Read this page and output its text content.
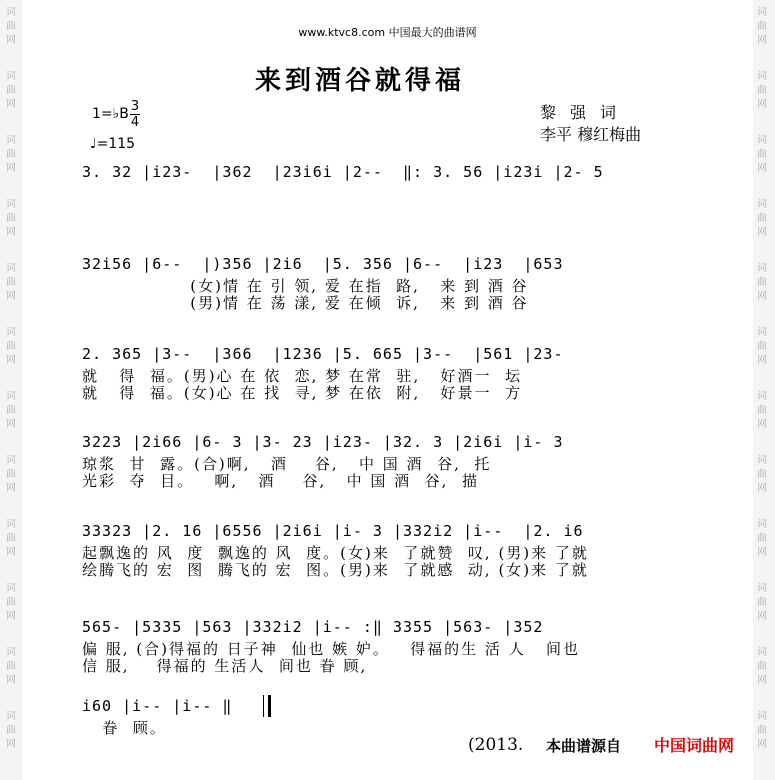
词
曲
网
词
曲
网
词
曲
网
词
曲
网
词
曲
网
词
曲
网
词
曲
网
词
曲
网
词
曲
网
词
曲
网
词
曲
网
词
曲
网
词
曲
网
词
曲
网
词
曲
网
词
曲
网
词
曲
网
词
曲
网
词
曲
网
词
曲
网
词
曲
网
词
曲
网
词
曲
网
词
曲
网
www.ktvc8.com 中国最大的曲谱网
来到酒谷就得福
1=♭B 3
4
♩=115
黎强词
李平 穆红梅曲
3. 32 |i23-  |362  |23i6i |2--  ‖: 3. 56 |i23i |2- 5
32i56 |6--  |)356 |2i6  |5. 356 |6--  |i23  |653
(女)情 在 引 领, 爱 在指  路,   来 到 酒 谷
(男)情 在 荡 漾, 爱 在倾  诉,   来 到 酒 谷
2. 365 |3--  |366  |1236 |5. 665 |3--  |561 |23-
就   得  福。(男)心 在 依  恋, 梦 在常  驻,   好酒一  坛
就   得  福。(女)心 在 找  寻, 梦 在依  附,   好景一  方
3223 |2i66 |6- 3 |3- 23 |i23- |32. 3 |2i6i |i- 3
琼浆  甘  露。(合)啊,   酒    谷,   中 国 酒  谷,  托
光彩  夺  目。   啊,   酒    谷,   中 国 酒  谷,  描
33323 |2. 16 |6556 |2i6i |i- 3 |332i2 |i--  |2. i6
起飘逸的 风  度  飘逸的 风  度。(女)来  了就赞  叹, (男)来 了就
绘腾飞的 宏  图  腾飞的 宏  图。(男)来  了就感  动, (女)来 了就
565- |5335 |563 |332i2 |i-- :‖ 3355 |563- |352
偏 服, (合)得福的 日子神  仙也 嫉 妒。   得福的生 活 人   间也
信 服,    得福的 生活人  间也 眷 顾,
i60 |i-- |i-- ‖
眷  顾。
(2013. 本曲谱源自 中国词曲网
